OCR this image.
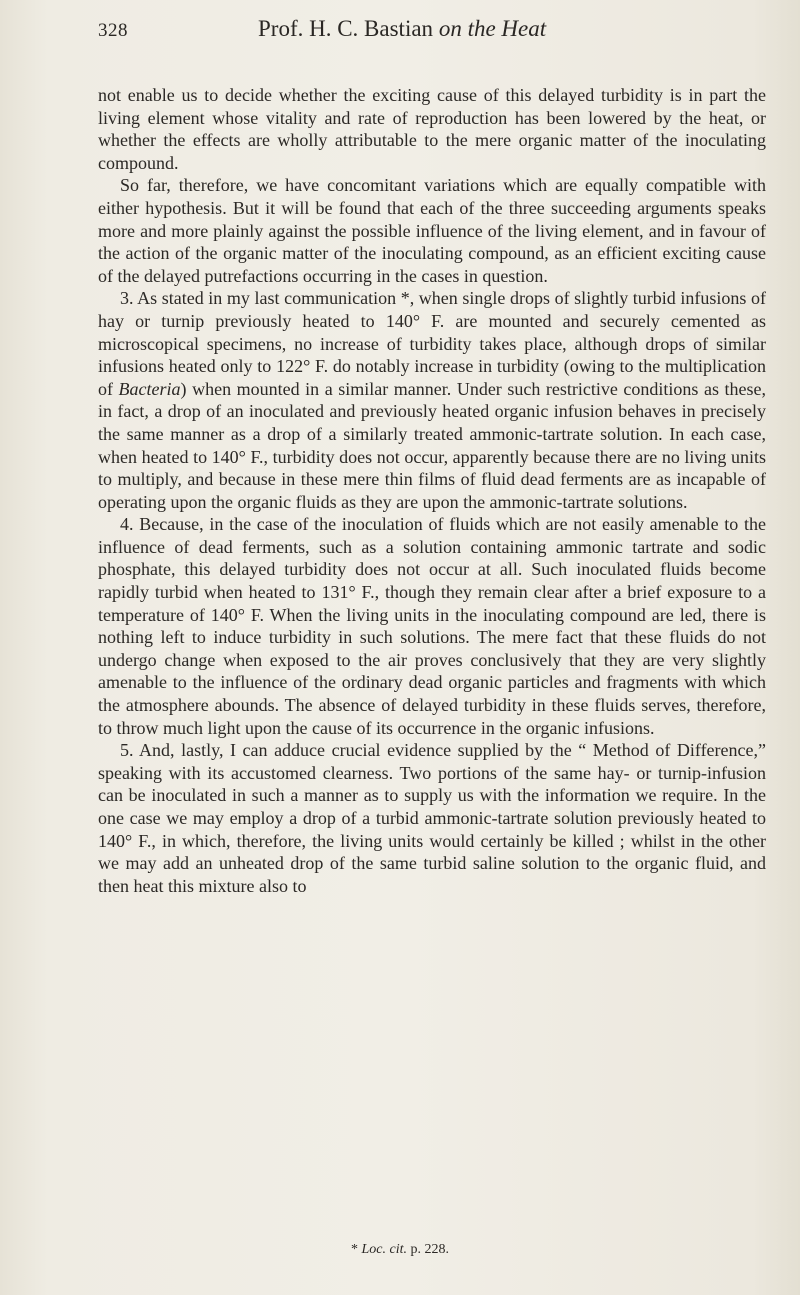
328	Prof. H. C. Bastian on the Heat

not enable us to decide whether the exciting cause of this delayed turbidity is in part the living element whose vitality and rate of reproduction has been lowered by the heat, or whether the effects are wholly attributable to the mere organic matter of the inoculating compound.

So far, therefore, we have concomitant variations which are equally compatible with either hypothesis. But it will be found that each of the three succeeding arguments speaks more and more plainly against the possible influence of the living element, and in favour of the action of the organic matter of the inoculating compound, as an efficient exciting cause of the delayed putrefactions occurring in the cases in question.

3. As stated in my last communication *, when single drops of slightly turbid infusions of hay or turnip previously heated to 140° F. are mounted and securely cemented as microscopical specimens, no increase of turbidity takes place, although drops of similar infusions heated only to 122° F. do notably increase in turbidity (owing to the multiplication of Bacteria) when mounted in a similar manner. Under such restrictive conditions as these, in fact, a drop of an inoculated and previously heated organic infusion behaves in precisely the same manner as a drop of a similarly treated ammonic-tartrate solution. In each case, when heated to 140° F., turbidity does not occur, apparently because there are no living units to multiply, and because in these mere thin films of fluid dead ferments are as incapable of operating upon the organic fluids as they are upon the ammonic-tartrate solutions.

4. Because, in the case of the inoculation of fluids which are not easily amenable to the influence of dead ferments, such as a solution containing ammonic tartrate and sodic phosphate, this delayed turbidity does not occur at all. Such inoculated fluids become rapidly turbid when heated to 131° F., though they remain clear after a brief exposure to a temperature of 140° F. When the living units in the inoculating compound are led, there is nothing left to induce turbidity in such solutions. The mere fact that these fluids do not undergo change when exposed to the air proves conclusively that they are very slightly amenable to the influence of the ordinary dead organic particles and fragments with which the atmosphere abounds. The absence of delayed turbidity in these fluids serves, therefore, to throw much light upon the cause of its occurrence in the organic infusions.

5. And, lastly, I can adduce crucial evidence supplied by the “ Method of Difference,” speaking with its accustomed clearness. Two portions of the same hay- or turnip-infusion can be inoculated in such a manner as to supply us with the information we require. In the one case we may employ a drop of a turbid ammonic-tartrate solution previously heated to 140° F., in which, therefore, the living units would certainly be killed ; whilst in the other we may add an unheated drop of the same turbid saline solution to the organic fluid, and then heat this mixture also to

* Loc. cit. p. 228.
